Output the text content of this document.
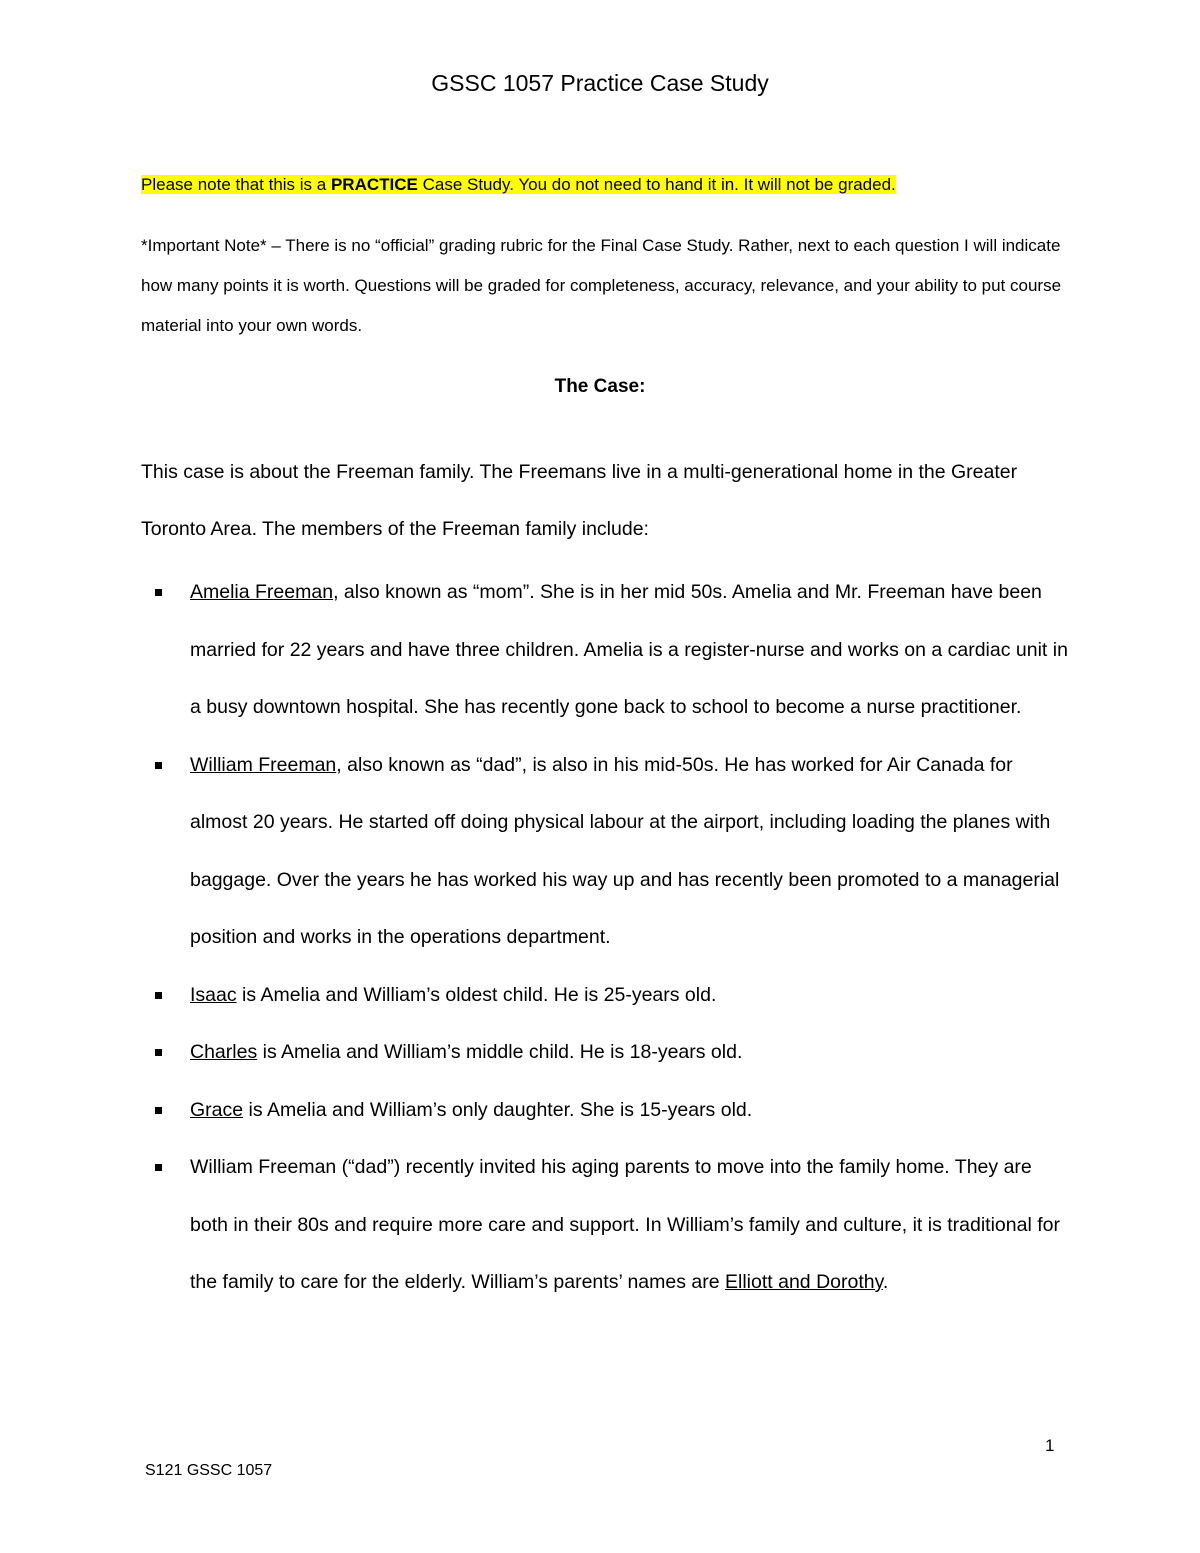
GSSC 1057 Practice Case Study
Please note that this is a PRACTICE Case Study. You do not need to hand it in. It will not be graded.
*Important Note* – There is no “official” grading rubric for the Final Case Study. Rather, next to each question I will indicate how many points it is worth. Questions will be graded for completeness, accuracy, relevance, and your ability to put course material into your own words.
The Case:
This case is about the Freeman family. The Freemans live in a multi-generational home in the Greater Toronto Area. The members of the Freeman family include:
Amelia Freeman, also known as “mom”. She is in her mid 50s. Amelia and Mr. Freeman have been married for 22 years and have three children. Amelia is a register-nurse and works on a cardiac unit in a busy downtown hospital. She has recently gone back to school to become a nurse practitioner.
William Freeman, also known as “dad”, is also in his mid-50s. He has worked for Air Canada for almost 20 years. He started off doing physical labour at the airport, including loading the planes with baggage. Over the years he has worked his way up and has recently been promoted to a managerial position and works in the operations department.
Isaac is Amelia and William’s oldest child. He is 25-years old.
Charles is Amelia and William’s middle child. He is 18-years old.
Grace is Amelia and William’s only daughter. She is 15-years old.
William Freeman (“dad”) recently invited his aging parents to move into the family home. They are both in their 80s and require more care and support. In William’s family and culture, it is traditional for the family to care for the elderly. William’s parents’ names are Elliott and Dorothy.
1
S121 GSSC 1057
